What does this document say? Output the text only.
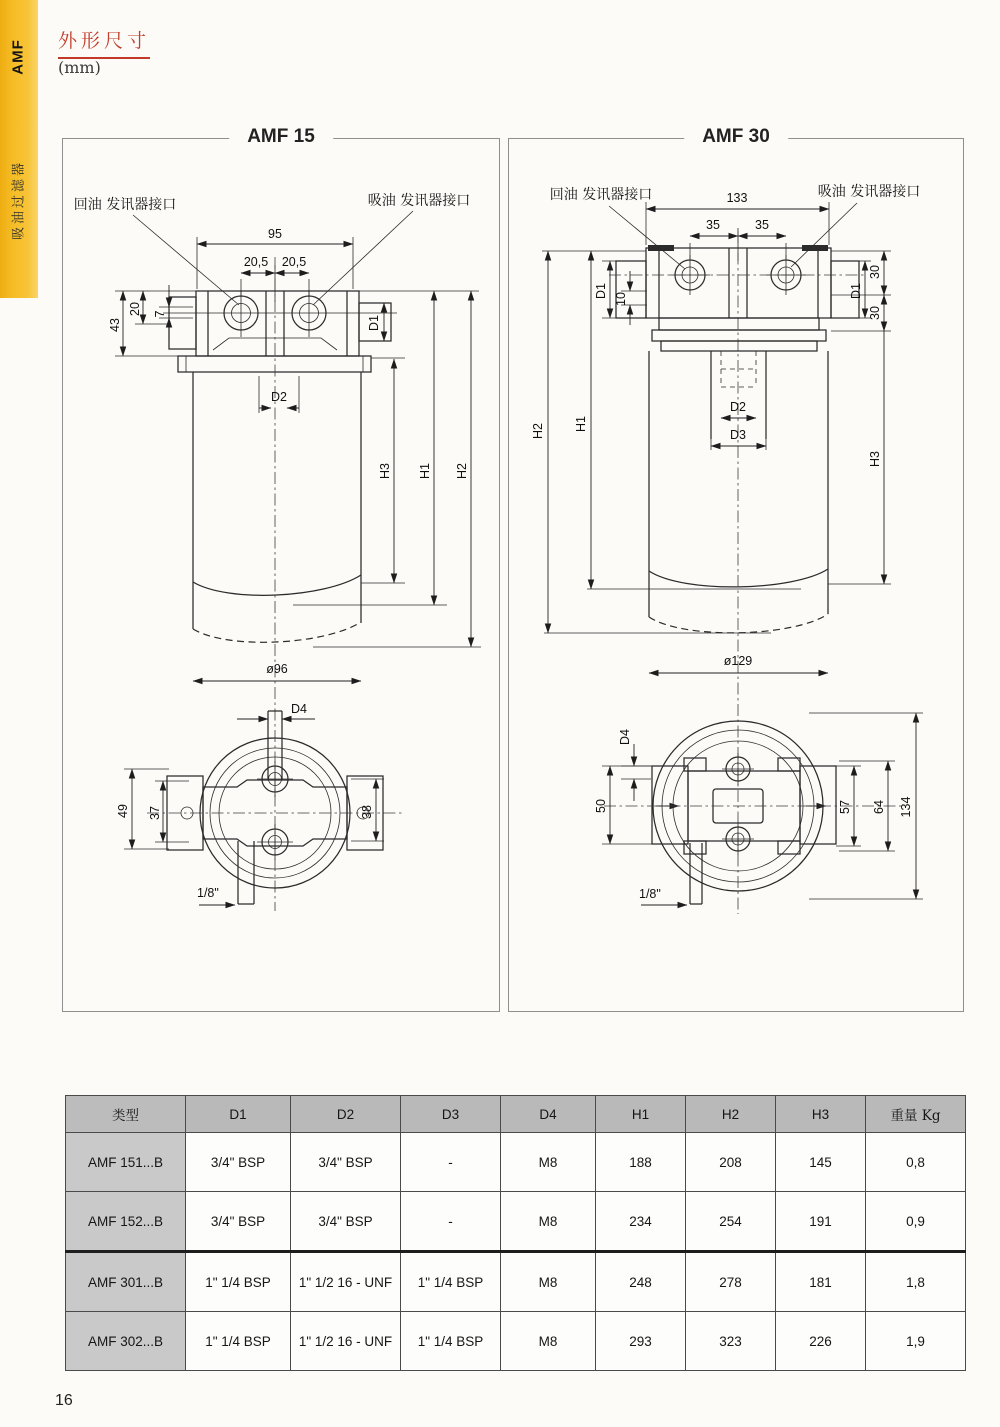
AMF
吸油过滤器
外形尺寸
(mm)
AMF 15
回油 发讯器接口	吸油 发讯器接口
95
20,5 20,5
43
20 7
D1
D2
H3 H1 H2
ø96
D4
1/8"
49 37	38
AMF 30
回油 发讯器接口	吸油 发讯器接口
133
35	35
D1	D1
10
D2
D3
H2 H1
30
30
H3
ø129
1/8"
D4
50	57 64 134
类型	D1	D2	D3	D4	H1	H2	H3	重量 Kg
AMF 151...B	3/4" BSP	3/4" BSP	-	M8	188	208	145	0,8
AMF 152...B	3/4" BSP	3/4" BSP	-	M8	234	254	191	0,9
AMF 301...B	1" 1/4 BSP	1" 1/2 16 - UNF	1" 1/4 BSP	M8	248	278	181	1,8
AMF 302...B	1" 1/4 BSP	1" 1/2 16 - UNF	1" 1/4 BSP	M8	293	323	226	1,9
16
